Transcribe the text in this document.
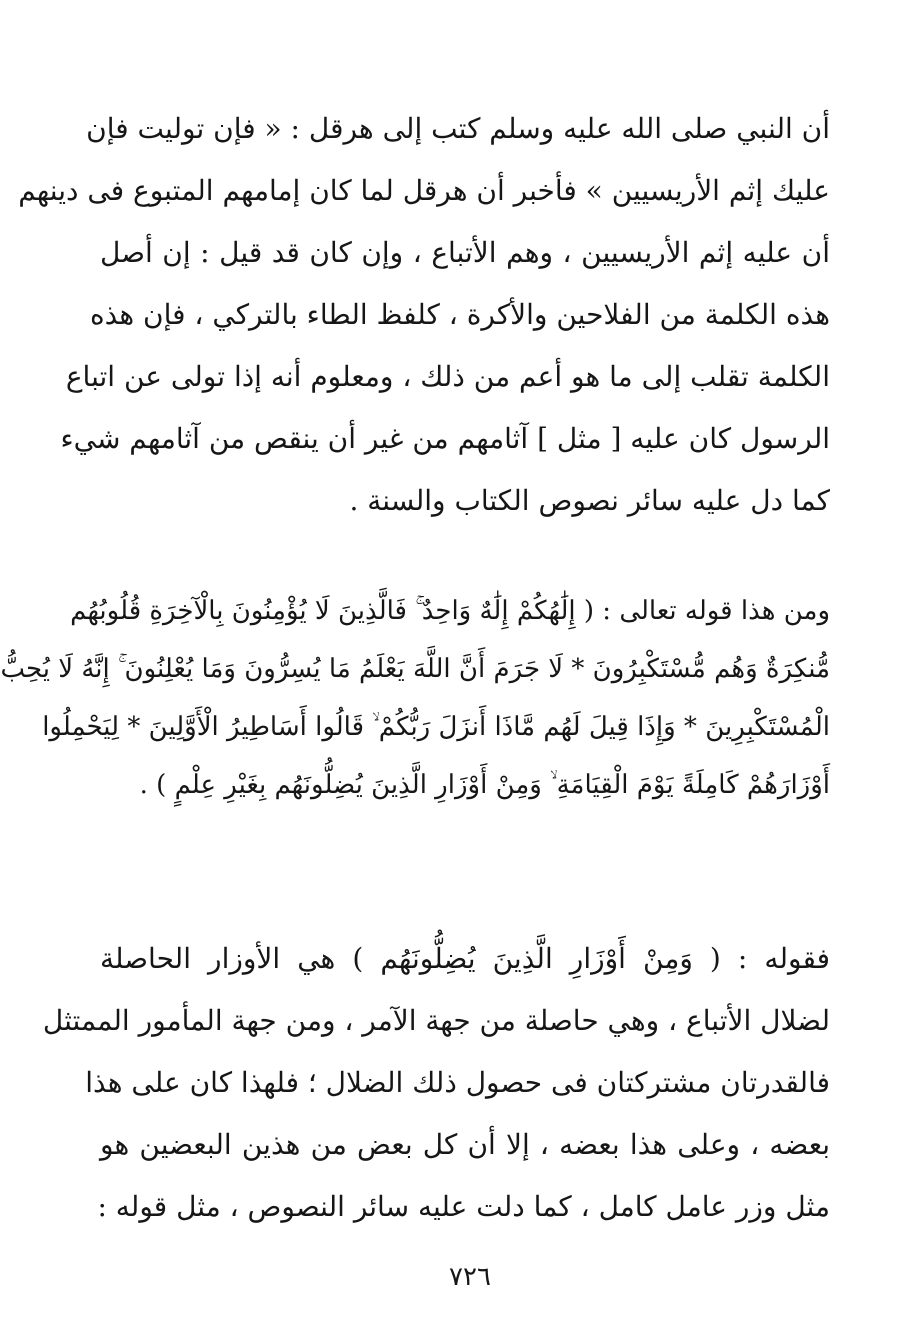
أن النبي صلى الله عليه وسلم كتب إلى هرقل : « فإن توليت فإن
عليك إثم الأريسيين » فأخبر أن هرقل لما كان إمامهم المتبوع فى دينهم
أن عليه إثم الأريسيين ، وهم الأتباع ، وإن كان قد قيل : إن أصل
هذه الكلمة من الفلاحين والأكرة ، كلفظ الطاء بالتركي ، فإن هذه
الكلمة تقلب إلى ما هو أعم من ذلك ، ومعلوم أنه إذا تولى عن اتباع
الرسول كان عليه [ مثل ] آثامهم من غير أن ينقص من آثامهم شيء
كما دل عليه سائر نصوص الكتاب والسنة .
ومن هذا قوله تعالى : ( إِلَٰهُكُمْ إِلَٰهٌ وَاحِدٌ ۚ فَالَّذِينَ لَا يُؤْمِنُونَ بِالْآخِرَةِ قُلُوبُهُم
مُّنكِرَةٌ وَهُم مُّسْتَكْبِرُونَ * لَا جَرَمَ أَنَّ اللَّهَ يَعْلَمُ مَا يُسِرُّونَ وَمَا يُعْلِنُونَ ۚ إِنَّهُ لَا يُحِبُّ
الْمُسْتَكْبِرِينَ * وَإِذَا قِيلَ لَهُم مَّاذَا أَنزَلَ رَبُّكُمْ ۙ قَالُوا أَسَاطِيرُ الْأَوَّلِينَ * لِيَحْمِلُوا
أَوْزَارَهُمْ كَامِلَةً يَوْمَ الْقِيَامَةِ ۙ وَمِنْ أَوْزَارِ الَّذِينَ يُضِلُّونَهُم بِغَيْرِ عِلْمٍ ) .
فقوله : ( وَمِنْ أَوْزَارِ الَّذِينَ يُضِلُّونَهُم ) هي الأوزار الحاصلة
لضلال الأتباع ، وهي حاصلة من جهة الآمر ، ومن جهة المأمور الممتثل
فالقدرتان مشتركتان فى حصول ذلك الضلال ؛ فلهذا كان على هذا
بعضه ، وعلى هذا بعضه ، إلا أن كل بعض من هذين البعضين هو
مثل وزر عامل كامل ، كما دلت عليه سائر النصوص ، مثل قوله :
٧٢٦
